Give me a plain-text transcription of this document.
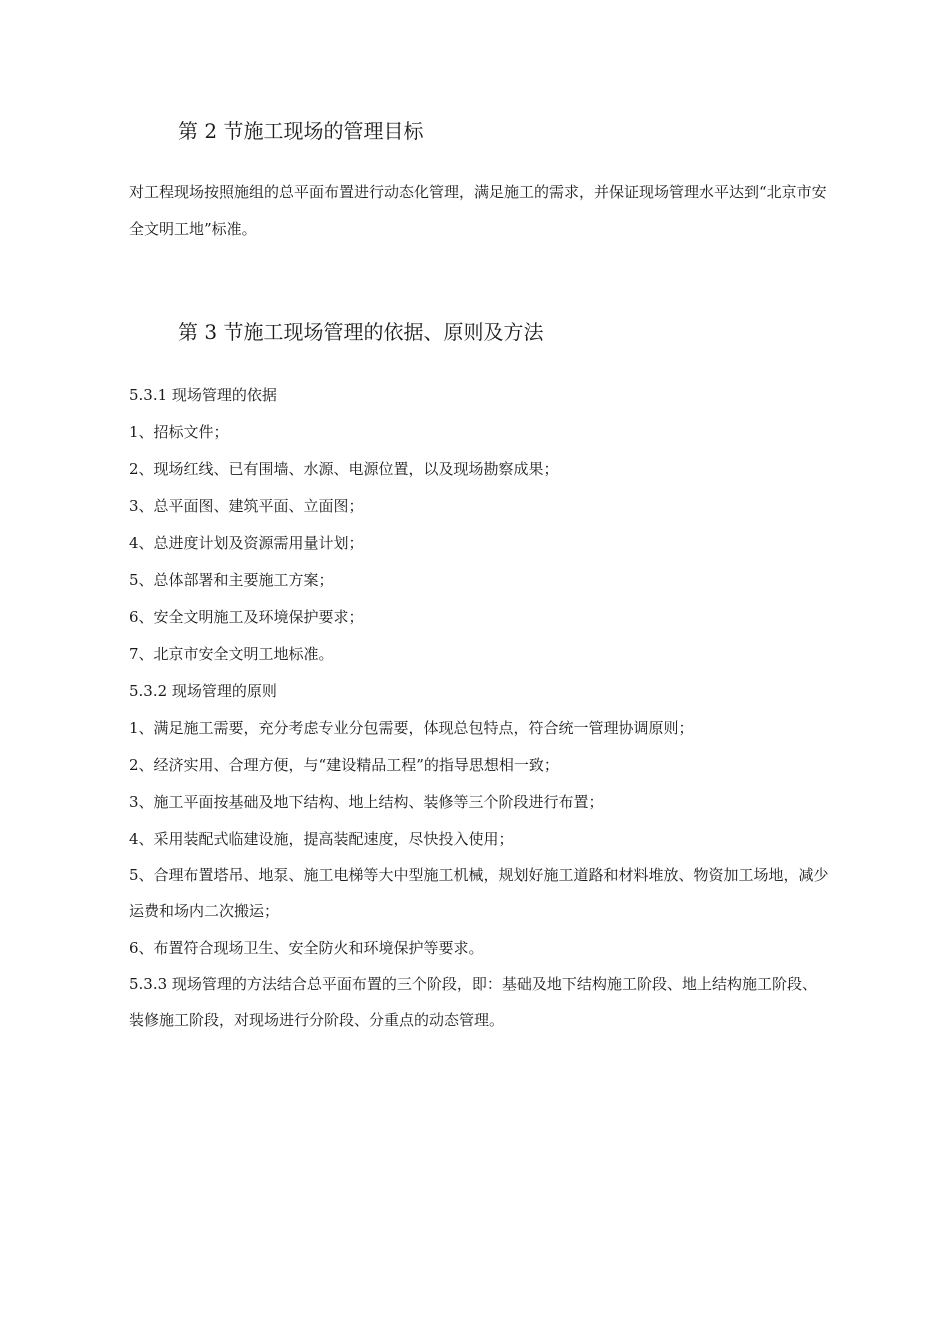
第 2 节施工现场的管理目标
对工程现场按照施组的总平面布置进行动态化管理，满足施工的需求，并保证现场管理水平达到“北京市安全文明工地”标准。
第 3 节施工现场管理的依据、原则及方法
5.3.1 现场管理的依据
1、招标文件；
2、现场红线、已有围墙、水源、电源位置，以及现场勘察成果；
3、总平面图、建筑平面、立面图；
4、总进度计划及资源需用量计划；
5、总体部署和主要施工方案；
6、安全文明施工及环境保护要求；
7、北京市安全文明工地标准。
5.3.2 现场管理的原则
1、满足施工需要，充分考虑专业分包需要，体现总包特点，符合统一管理协调原则；
2、经济实用、合理方便，与“建设精品工程”的指导思想相一致；
3、施工平面按基础及地下结构、地上结构、装修等三个阶段进行布置；
4、采用装配式临建设施，提高装配速度，尽快投入使用；
5、合理布置塔吊、地泵、施工电梯等大中型施工机械，规划好施工道路和材料堆放、物资加工场地，减少运费和场内二次搬运；
6、布置符合现场卫生、安全防火和环境保护等要求。
5.3.3 现场管理的方法结合总平面布置的三个阶段，即：基础及地下结构施工阶段、地上结构施工阶段、装修施工阶段，对现场进行分阶段、分重点的动态管理。
